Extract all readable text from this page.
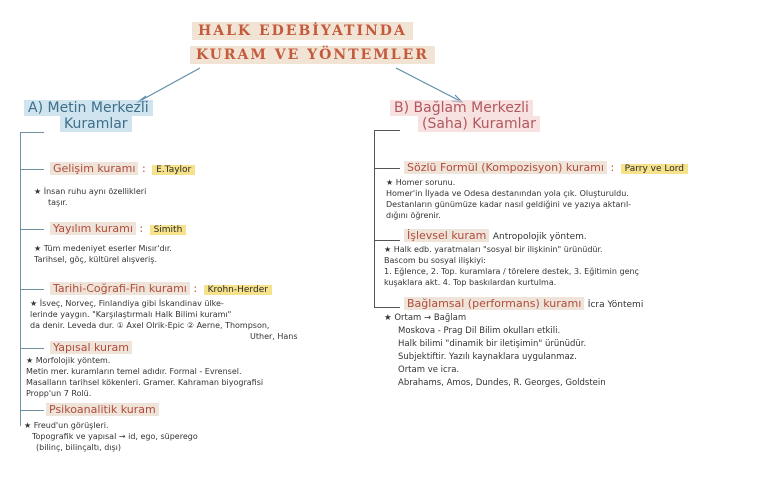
HALK EDEBİYATINDA
KURAM VE YÖNTEMLER
A) Metin Merkezli
Kuramlar
B) Bağlam Merkezli
(Saha) Kuramlar
Gelişim kuramı : E.Taylor
★ İnsan ruhu aynı özellikleri
taşır.
Yayılım kuramı : Simith
★ Tüm medeniyet eserler Mısır'dır.
Tarihsel, göç, kültürel alışveriş.
Tarihi-Coğrafi-Fin kuramı : Krohn-Herder
★ İsveç, Norveç, Finlandiya gibi İskandinav ülke-
lerinde yaygın. "Karşılaştırmalı Halk Bilimi kuramı"
da denir. Leveda dur. ① Axel Olrik-Epic ② Aerne, Thompson,
Uther, Hans
Yapısal kuram
★ Morfolojik yöntem.
Metin mer. kuramların temel adıdır. Formal - Evrensel.
Masalların tarihsel kökenleri. Gramer. Kahraman biyografisi
Propp'un 7 Rolü.
Psikoanalitik kuram
★ Freud'un görüşleri.
Topografik ve yapısal → id, ego, süperego
(bilinç, bilinçaltı, dışı)
Sözlü Formül (Kompozisyon) kuramı : Parry ve Lord
★ Homer sorunu.
Homer'in İlyada ve Odesa destanından yola çık. Oluşturuldu.
Destanların günümüze kadar nasıl geldiğini ve yazıya aktarıl-
dığını öğrenir.
İşlevsel kuram Antropolojik yöntem.
★ Halk edb. yaratmaları "sosyal bir ilişkinin" ürünüdür.
Bascom bu sosyal ilişkiyi:
1. Eğlence, 2. Top. kuramlara / törelere destek, 3. Eğitimin genç
kuşaklara akt. 4. Top baskılardan kurtulma.
Bağlamsal (performans) kuramı İcra Yöntemi
★ Ortam → Bağlam
Moskova - Prag Dil Bilim okulları etkili.
Halk bilimi "dinamik bir iletişimin" ürünüdür.
Subjektiftir. Yazılı kaynaklara uygulanmaz.
Ortam ve icra.
Abrahams, Amos, Dundes, R. Georges, Goldstein
